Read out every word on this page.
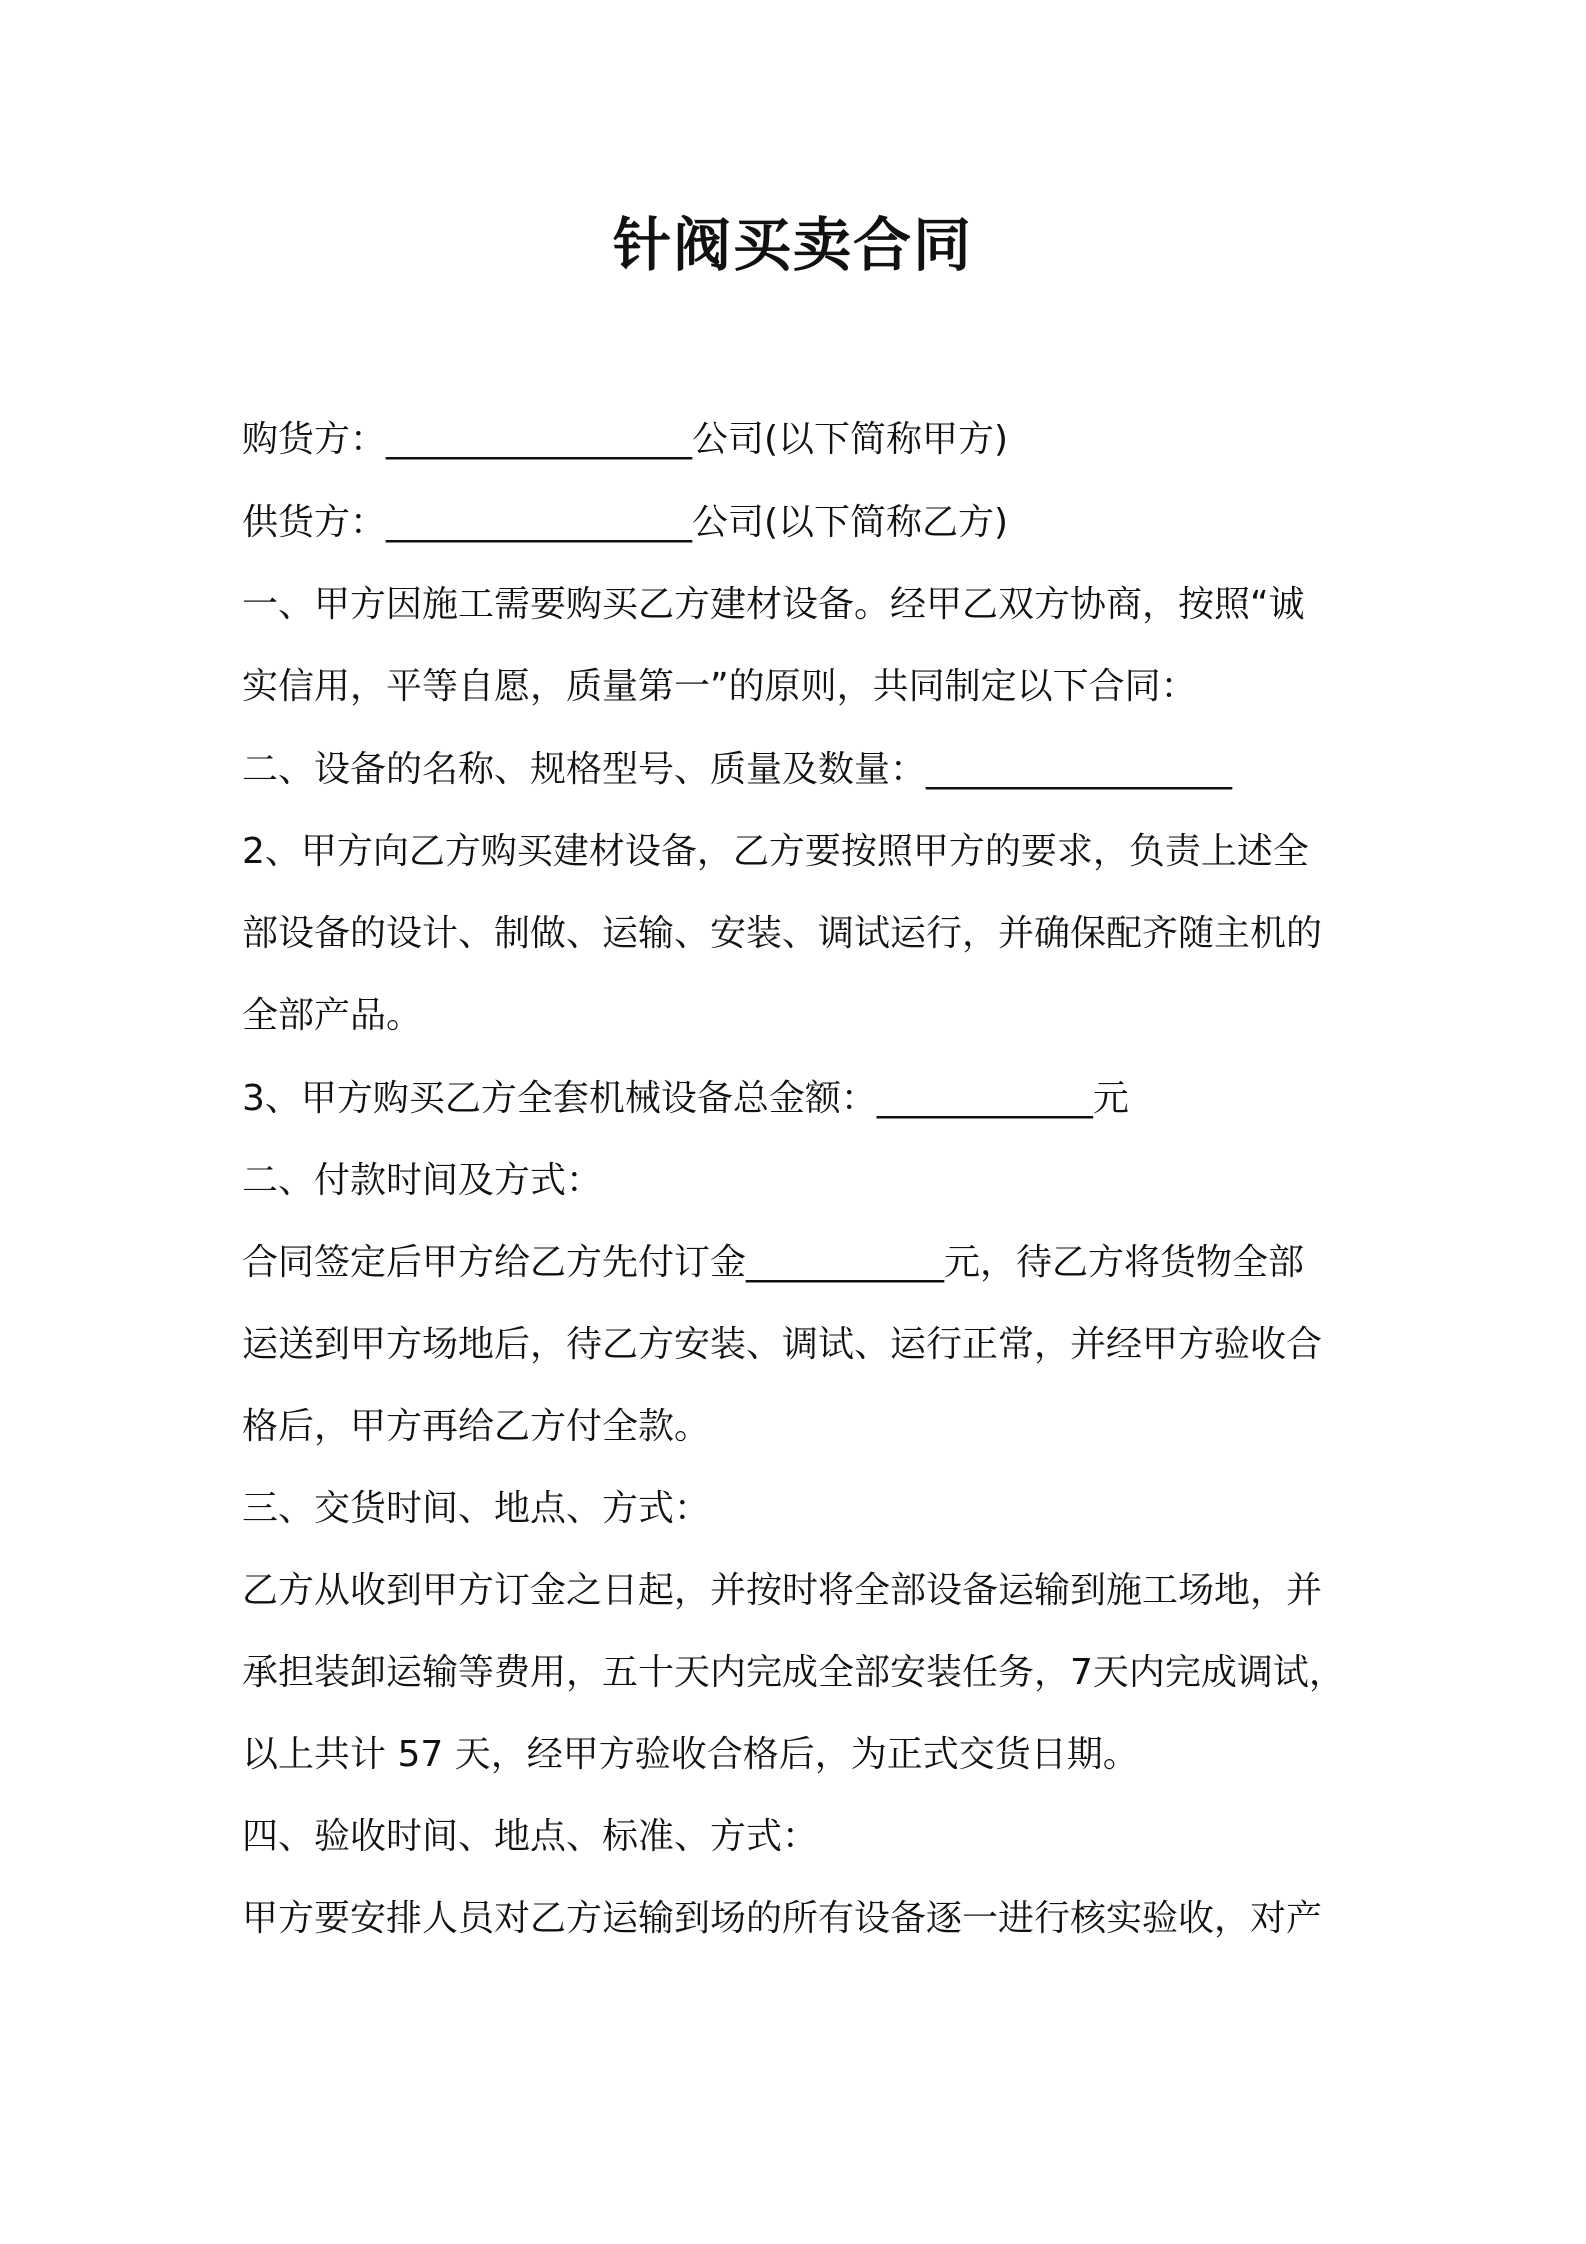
针阀买卖合同

购货方：_________________公司(以下简称甲方)

供货方：_________________公司(以下简称乙方)

一、甲方因施工需要购买乙方建材设备。经甲乙双方协商，按照“诚

实信用，平等自愿，质量第一”的原则，共同制定以下合同：

二、设备的名称、规格型号、质量及数量：_________________

2、甲方向乙方购买建材设备，乙方要按照甲方的要求，负责上述全

部设备的设计、制做、运输、安装、调试运行，并确保配齐随主机的

全部产品。

3、甲方购买乙方全套机械设备总金额：____________元

二、付款时间及方式：

合同签定后甲方给乙方先付订金___________元，待乙方将货物全部

运送到甲方场地后，待乙方安装、调试、运行正常，并经甲方验收合

格后，甲方再给乙方付全款。

三、交货时间、地点、方式：

乙方从收到甲方订金之日起，并按时将全部设备运输到施工场地，并

承担装卸运输等费用，五十天内完成全部安装任务，7天内完成调试，

以上共计 57 天，经甲方验收合格后，为正式交货日期。

四、验收时间、地点、标准、方式：

甲方要安排人员对乙方运输到场的所有设备逐一进行核实验收，对产
